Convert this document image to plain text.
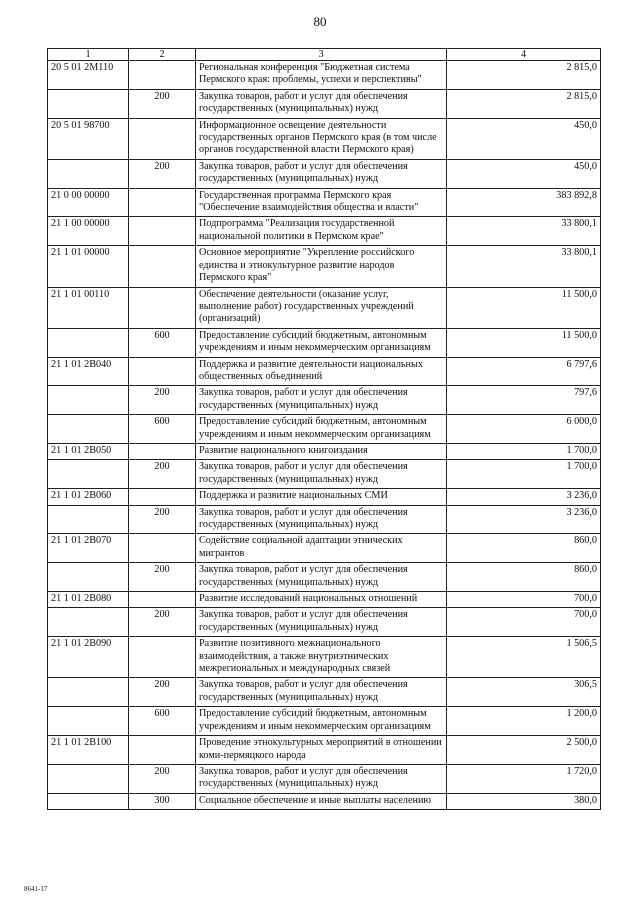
80
1	2	3	4
20 5 01 2М110		Региональная конференция "Бюджетная система Пермского края: проблемы, успехи и перспективы"	2 815,0
	200	Закупка товаров, работ и услуг для обеспечения государственных (муниципальных) нужд	2 815,0
20 5 01 98700		Информационное освещение деятельности государственных органов Пермского края (в том числе органов государственной власти Пермского края)	450,0
	200	Закупка товаров, работ и услуг для обеспечения государственных (муниципальных) нужд	450,0
21 0 00 00000		Государственная программа Пермского края "Обеспечение взаимодействия общества и власти"	383 892,8
21 1 00 00000		Подпрограмма "Реализация государственной национальной политики в Пермском крае"	33 800,1
21 1 01 00000		Основное мероприятие "Укрепление российского единства и этнокультурное развитие народов Пермского края"	33 800,1
21 1 01 00110		Обеспечение деятельности (оказание услуг, выполнение работ) государственных учреждений (организаций)	11 500,0
	600	Предоставление субсидий бюджетным, автономным учреждениям и иным некоммерческим организациям	11 500,0
21 1 01 2В040		Поддержка и развитие деятельности национальных общественных объединений	6 797,6
	200	Закупка товаров, работ и услуг для обеспечения государственных (муниципальных) нужд	797,6
	600	Предоставление субсидий бюджетным, автономным учреждениям и иным некоммерческим организациям	6 000,0
21 1 01 2В050		Развитие национального книгоиздания	1 700,0
	200	Закупка товаров, работ и услуг для обеспечения государственных (муниципальных) нужд	1 700,0
21 1 01 2В060		Поддержка и развитие национальных СМИ	3 236,0
	200	Закупка товаров, работ и услуг для обеспечения государственных (муниципальных) нужд	3 236,0
21 1 01 2В070		Содействие социальной адаптации этнических мигрантов	860,0
	200	Закупка товаров, работ и услуг для обеспечения государственных (муниципальных) нужд	860,0
21 1 01 2В080		Развитие исследований национальных отношений	700,0
	200	Закупка товаров, работ и услуг для обеспечения государственных (муниципальных) нужд	700,0
21 1 01 2В090		Развитие позитивного межнационального взаимодействия, а также внутриэтнических межрегиональных и международных связей	1 506,5
	200	Закупка товаров, работ и услуг для обеспечения государственных (муниципальных) нужд	306,5
	600	Предоставление субсидий бюджетным, автономным учреждениям и иным некоммерческим организациям	1 200,0
21 1 01 2В100		Проведение этнокультурных мероприятий в отношении коми-пермяцкого народа	2 500,0
	200	Закупка товаров, работ и услуг для обеспечения государственных (муниципальных) нужд	1 720,0
	300	Социальное обеспечение и иные выплаты населению	380,0
8641-17
